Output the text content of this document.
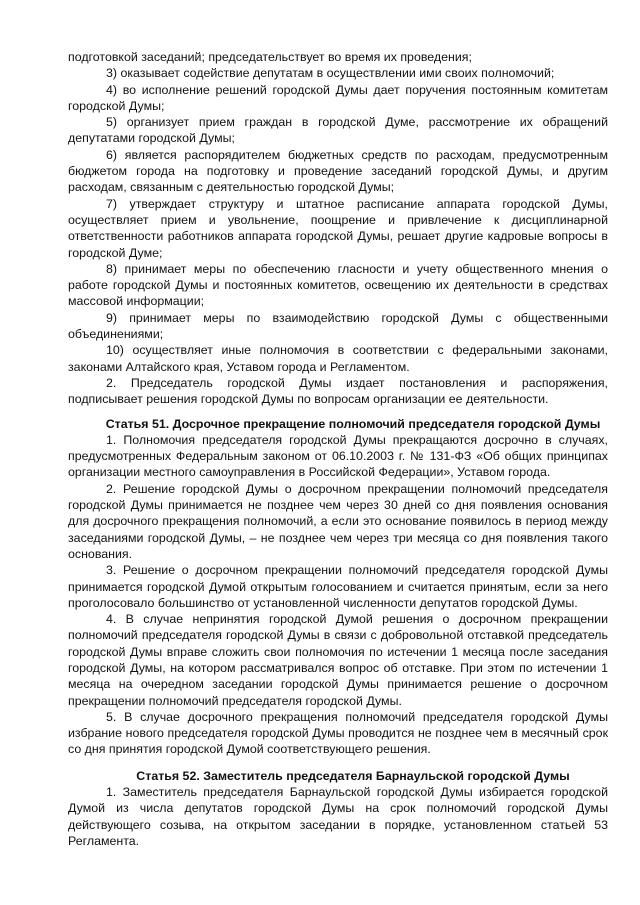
подготовкой заседаний; председательствует во время их проведения;

3) оказывает содействие депутатам в осуществлении ими своих полномочий;

4) во исполнение решений городской Думы дает поручения постоянным комитетам городской Думы;

5) организует прием граждан в городской Думе, рассмотрение их обращений депутатами городской Думы;

6) является распорядителем бюджетных средств по расходам, предусмотренным бюджетом города на подготовку и проведение заседаний городской Думы, и другим расходам, связанным с деятельностью городской Думы;

7) утверждает структуру и штатное расписание аппарата городской Думы, осуществляет прием и увольнение, поощрение и привлечение к дисциплинарной ответственности работников аппарата городской Думы, решает другие кадровые вопросы в городской Думе;

8) принимает меры по обеспечению гласности и учету общественного мнения о работе городской Думы и постоянных комитетов, освещению их деятельности в средствах массовой информации;

9) принимает меры по взаимодействию городской Думы с общественными объединениями;

10) осуществляет иные полномочия в соответствии с федеральными законами, законами Алтайского края, Уставом города и Регламентом.

2. Председатель городской Думы издает постановления и распоряжения, подписывает решения городской Думы по вопросам организации ее деятельности.

Статья 51. Досрочное прекращение полномочий председателя городской Думы

1. Полномочия председателя городской Думы прекращаются досрочно в случаях, предусмотренных Федеральным законом от 06.10.2003 г. № 131-ФЗ «Об общих принципах организации местного самоуправления в Российской Федерации», Уставом города.

2. Решение городской Думы о досрочном прекращении полномочий председателя городской Думы принимается не позднее чем через 30 дней со дня появления основания для досрочного прекращения полномочий, а если это основание появилось в период между заседаниями городской Думы, – не позднее чем через три месяца со дня появления такого основания.

3. Решение о досрочном прекращении полномочий председателя городской Думы принимается городской Думой открытым голосованием и считается принятым, если за него проголосовало большинство от установленной численности депутатов городской Думы.

4. В случае непринятия городской Думой решения о досрочном прекращении полномочий председателя городской Думы в связи с добровольной отставкой председатель городской Думы вправе сложить свои полномочия по истечении 1 месяца после заседания городской Думы, на котором рассматривался вопрос об отставке. При этом по истечении 1 месяца на очередном заседании городской Думы принимается решение о досрочном прекращении полномочий председателя городской Думы.

5. В случае досрочного прекращения полномочий председателя городской Думы избрание нового председателя городской Думы проводится не позднее чем в месячный срок со дня принятия городской Думой соответствующего решения.

Статья 52. Заместитель председателя Барнаульской городской Думы

1. Заместитель председателя Барнаульской городской Думы избирается городской Думой из числа депутатов городской Думы на срок полномочий городской Думы действующего созыва, на открытом заседании в порядке, установленном статьей 53 Регламента.
